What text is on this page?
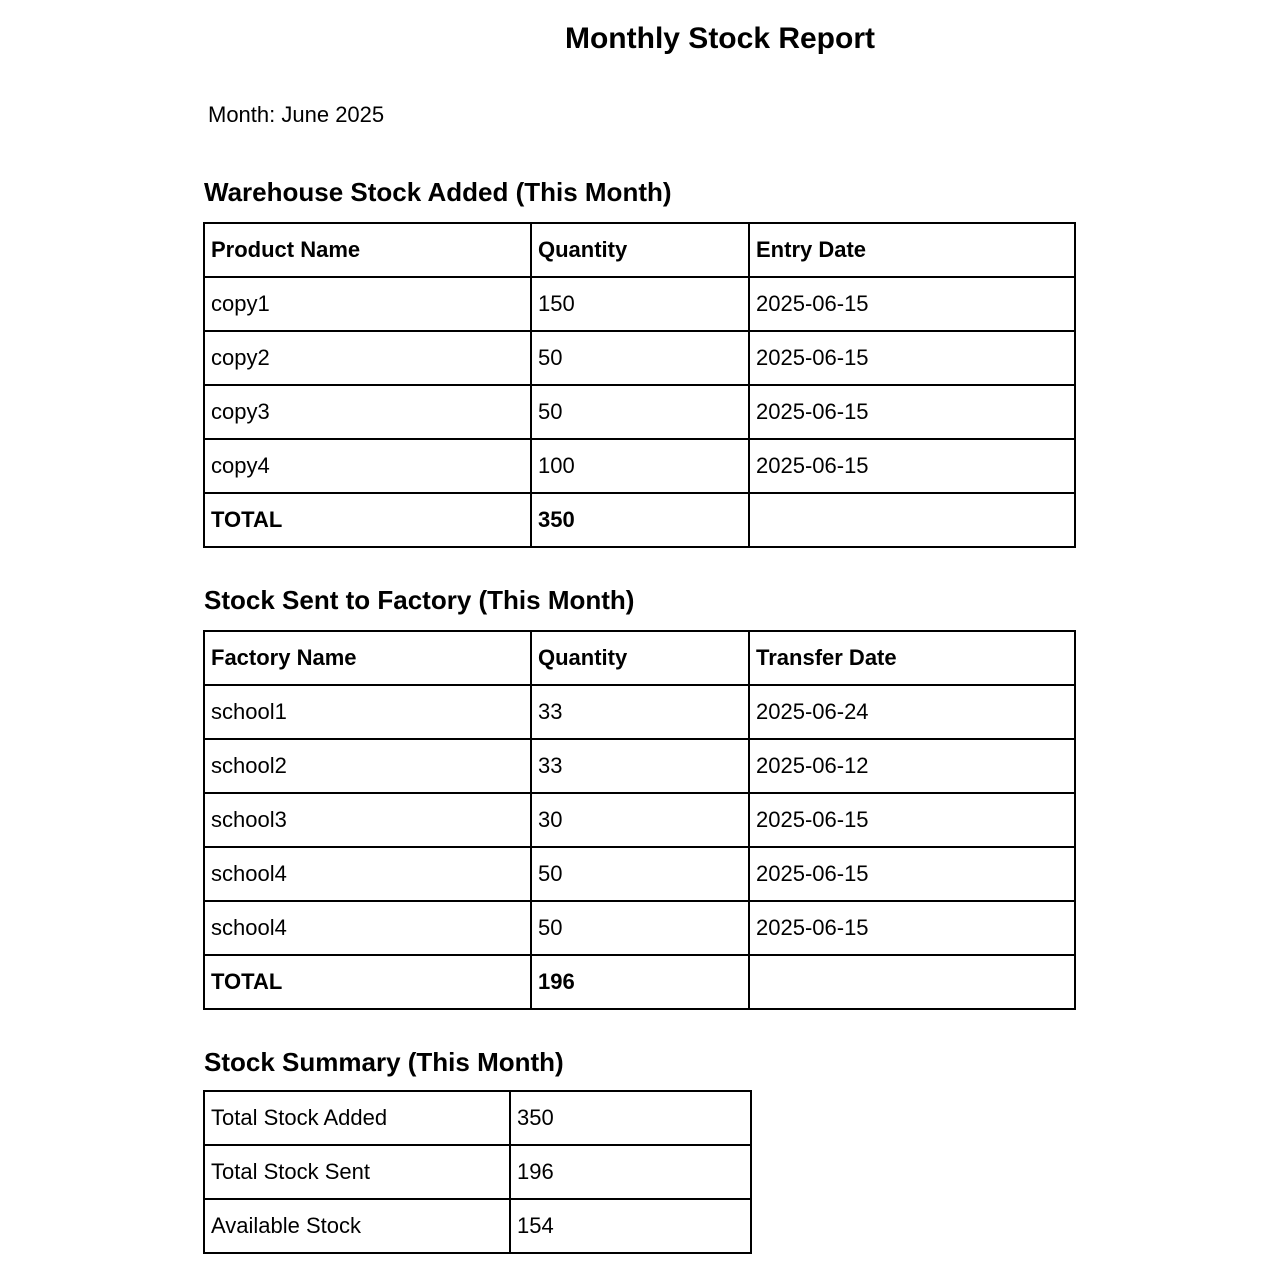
Monthly Stock Report
Month: June 2025
Warehouse Stock Added (This Month)
Product Name	Quantity	Entry Date
copy1	150	2025-06-15
copy2	50	2025-06-15
copy3	50	2025-06-15
copy4	100	2025-06-15
TOTAL	350	
Stock Sent to Factory (This Month)
Factory Name	Quantity	Transfer Date
school1	33	2025-06-24
school2	33	2025-06-12
school3	30	2025-06-15
school4	50	2025-06-15
school4	50	2025-06-15
TOTAL	196	
Stock Summary (This Month)
Total Stock Added	350
Total Stock Sent	196
Available Stock	154
